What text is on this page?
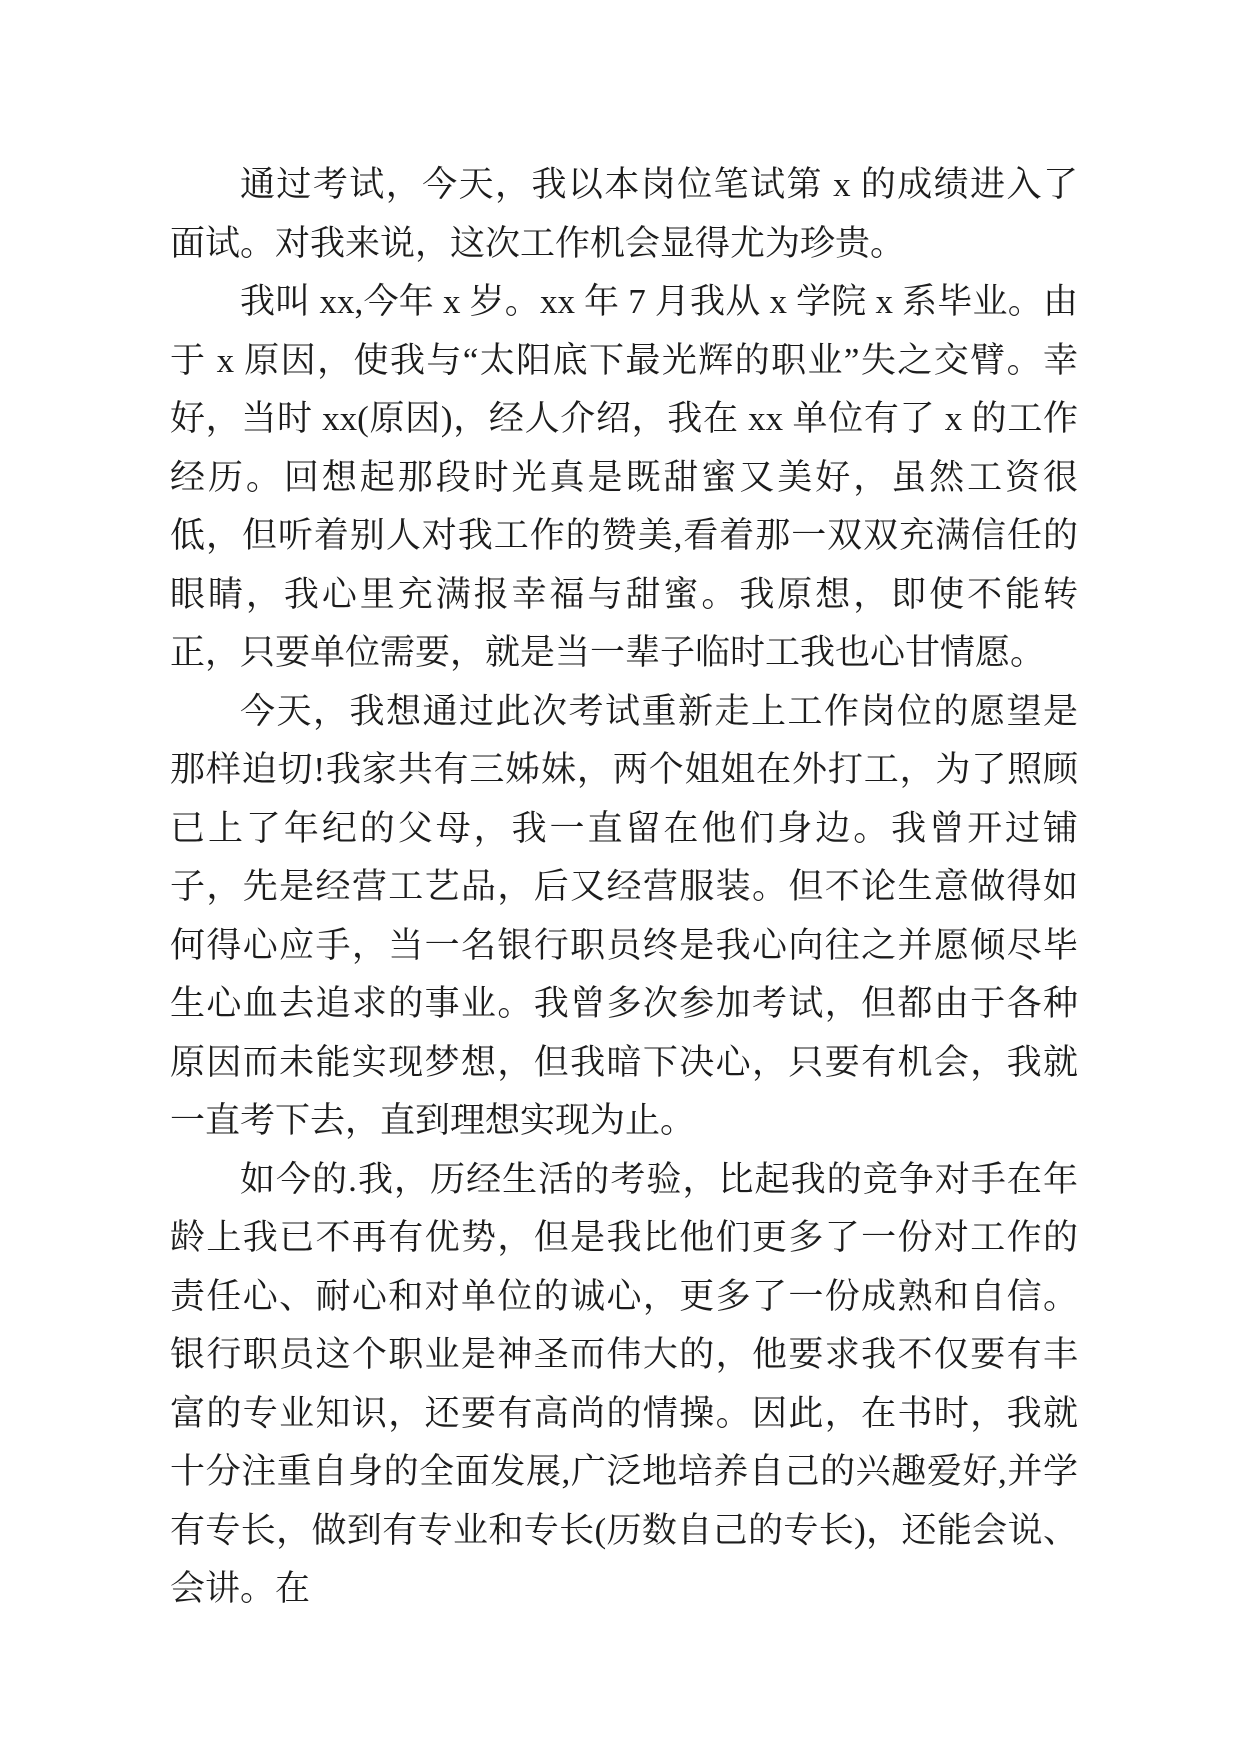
通过考试，今天，我以本岗位笔试第 x 的成绩进入了面试。对我来说，这次工作机会显得尤为珍贵。

我叫 xx,今年 x 岁。xx 年 7 月我从 x 学院 x 系毕业。由于 x 原因，使我与“太阳底下最光辉的职业”失之交臂。幸好，当时 xx(原因)，经人介绍，我在 xx 单位有了 x 的工作经历。回想起那段时光真是既甜蜜又美好，虽然工资很低，但听着别人对我工作的赞美,看着那一双双充满信任的眼睛，我心里充满报幸福与甜蜜。我原想，即使不能转正，只要单位需要，就是当一辈子临时工我也心甘情愿。

今天，我想通过此次考试重新走上工作岗位的愿望是那样迫切!我家共有三姊妹，两个姐姐在外打工，为了照顾已上了年纪的父母，我一直留在他们身边。我曾开过铺子，先是经营工艺品，后又经营服装。但不论生意做得如何得心应手，当一名银行职员终是我心向往之并愿倾尽毕生心血去追求的事业。我曾多次参加考试，但都由于各种原因而未能实现梦想，但我暗下决心，只要有机会，我就一直考下去，直到理想实现为止。

如今的.我，历经生活的考验，比起我的竞争对手在年龄上我已不再有优势，但是我比他们更多了一份对工作的责任心、耐心和对单位的诚心，更多了一份成熟和自信。银行职员这个职业是神圣而伟大的，他要求我不仅要有丰富的专业知识，还要有高尚的情操。因此，在书时，我就十分注重自身的全面发展,广泛地培养自己的兴趣爱好,并学有专长，做到有专业和专长(历数自己的专长)，还能会说、会讲。在
